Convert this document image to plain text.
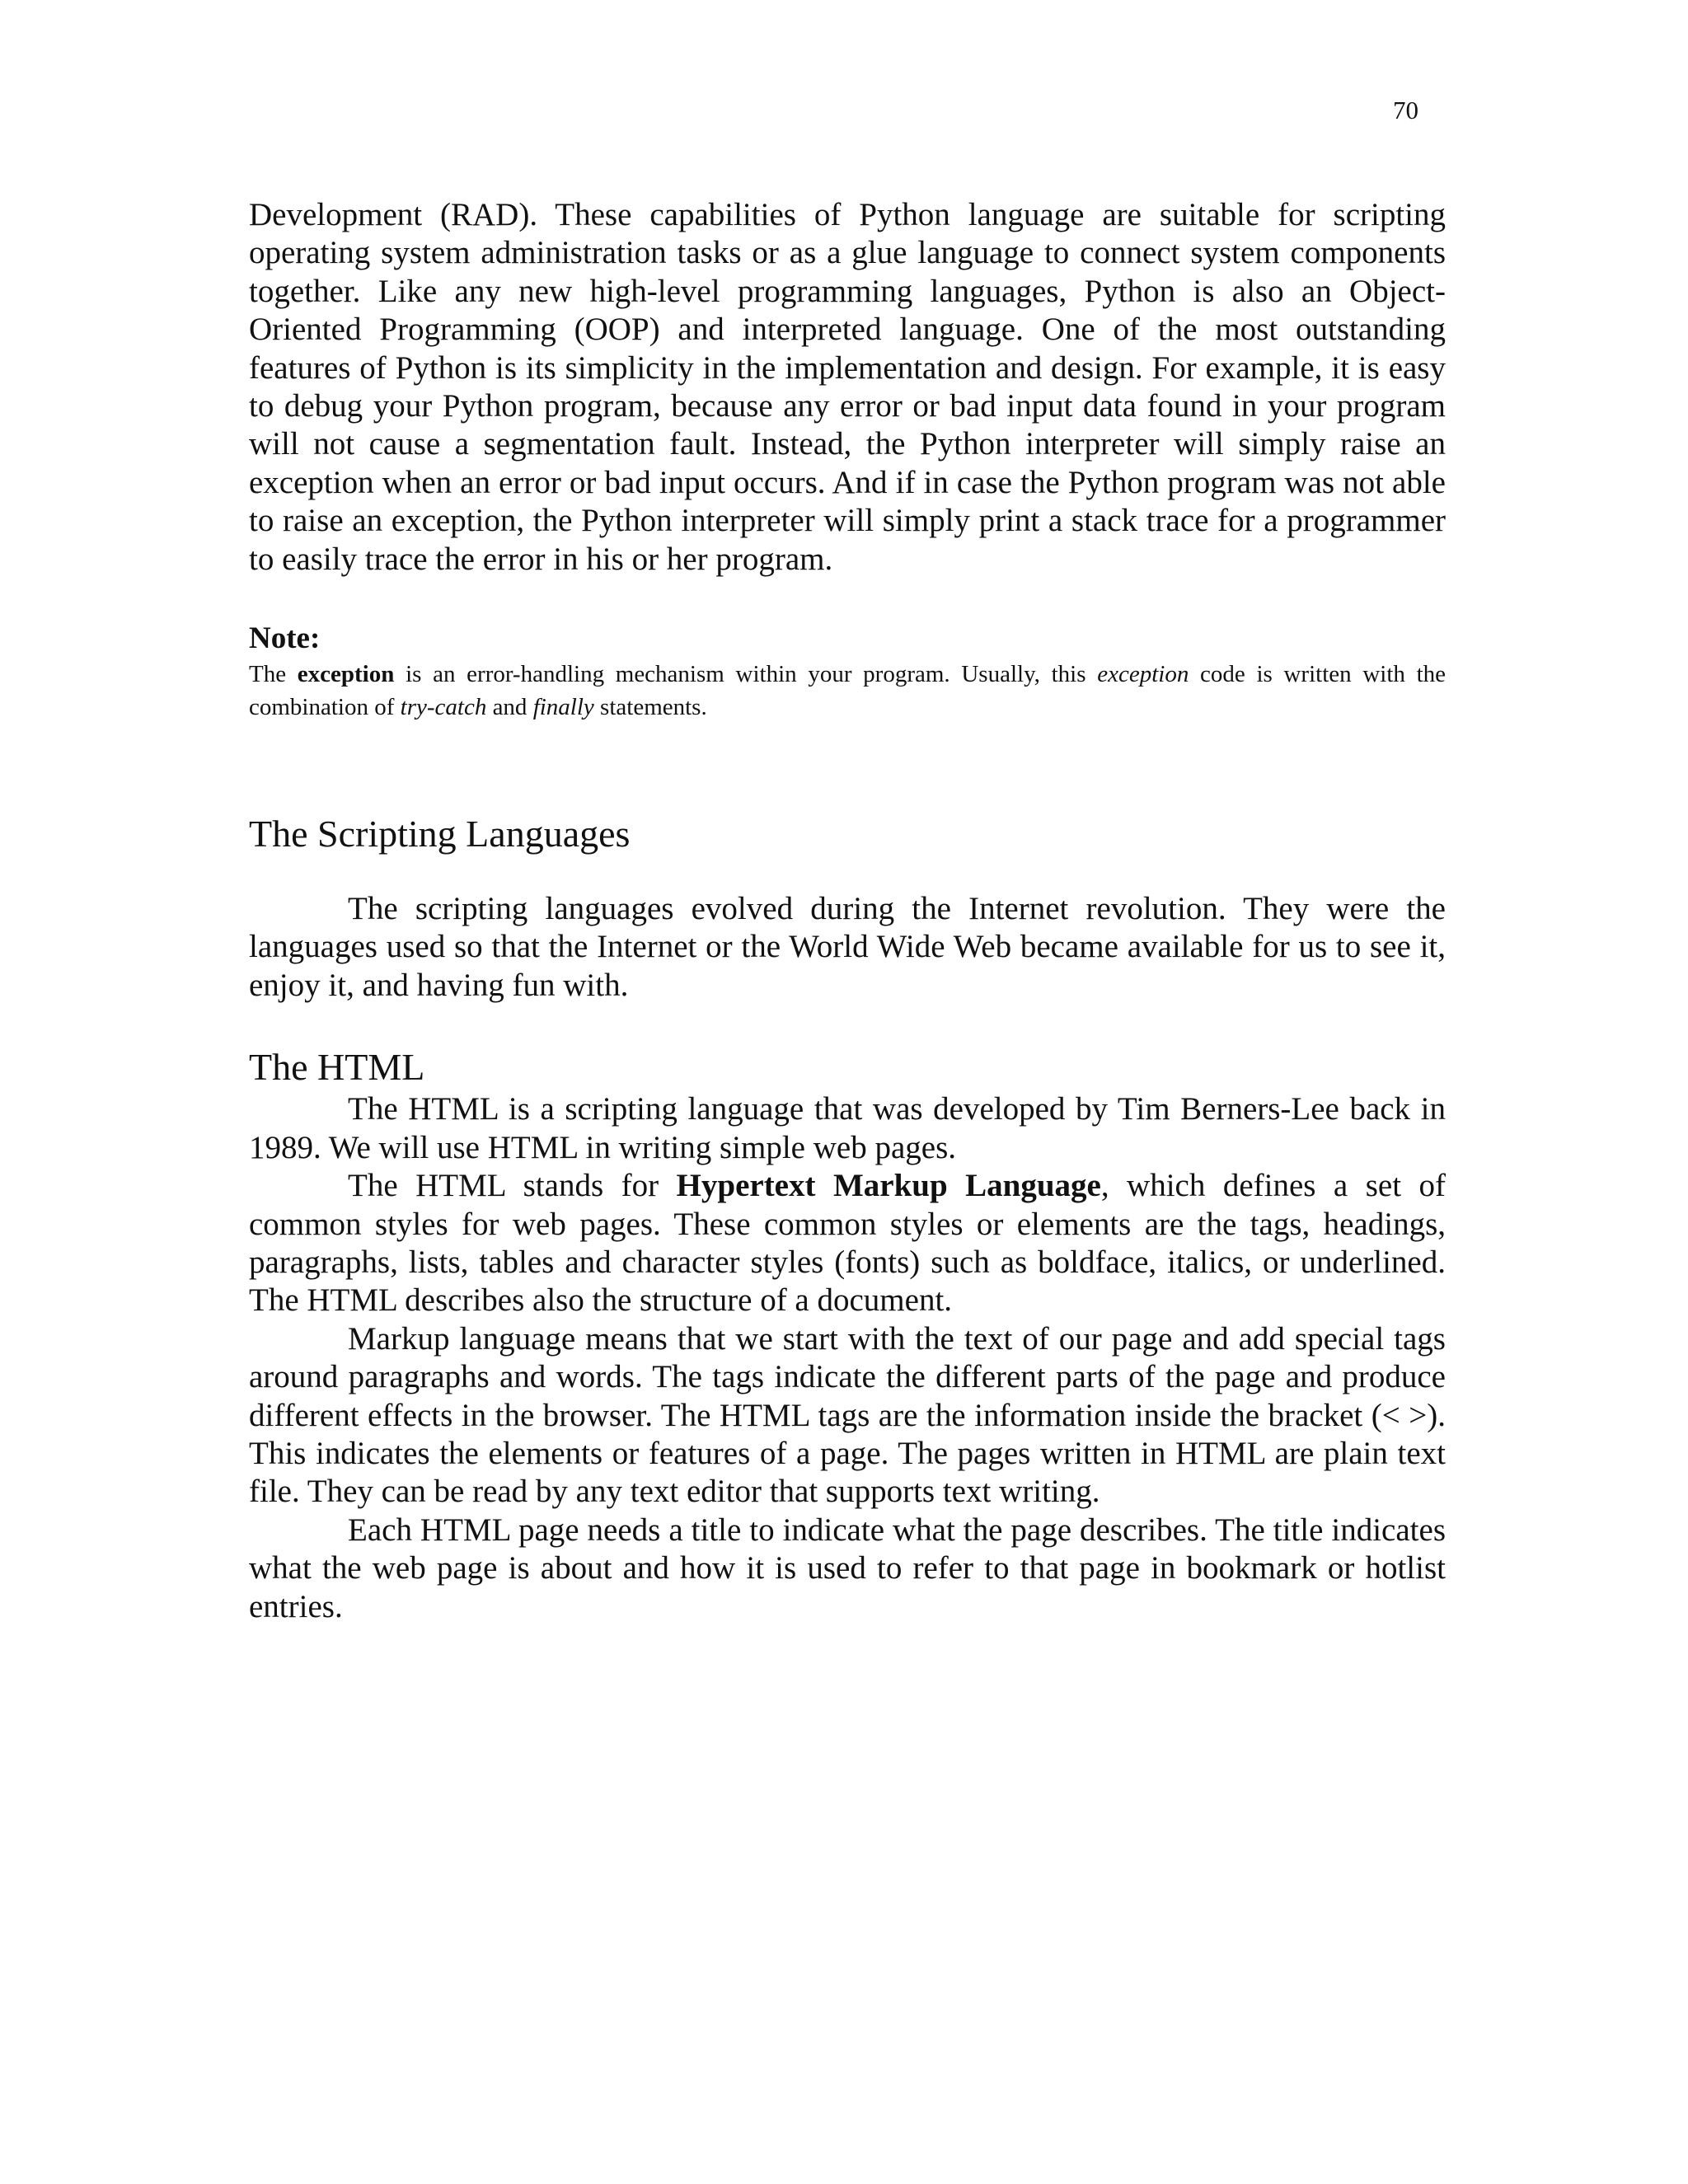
70

Development (RAD). These capabilities of Python language are suitable for scripting operating system administration tasks or as a glue language to connect system components together. Like any new high-level programming languages, Python is also an Object-Oriented Programming (OOP) and interpreted language. One of the most outstanding features of Python is its simplicity in the implementation and design. For example, it is easy to debug your Python program, because any error or bad input data found in your program will not cause a segmentation fault. Instead, the Python interpreter will simply raise an exception when an error or bad input occurs. And if in case the Python program was not able to raise an exception, the Python interpreter will simply print a stack trace for a programmer to easily trace the error in his or her program.

Note:

The exception is an error-handling mechanism within your program. Usually, this exception code is written with the combination of try-catch and finally statements.

The Scripting Languages

The scripting languages evolved during the Internet revolution. They were the languages used so that the Internet or the World Wide Web became available for us to see it, enjoy it, and having fun with.

The HTML

The HTML is a scripting language that was developed by Tim Berners-Lee back in 1989. We will use HTML in writing simple web pages.

The HTML stands for Hypertext Markup Language, which defines a set of common styles for web pages. These common styles or elements are the tags, headings, paragraphs, lists, tables and character styles (fonts) such as boldface, italics, or underlined. The HTML describes also the structure of a document.

Markup language means that we start with the text of our page and add special tags around paragraphs and words. The tags indicate the different parts of the page and produce different effects in the browser. The HTML tags are the information inside the bracket (< >). This indicates the elements or features of a page. The pages written in HTML are plain text file. They can be read by any text editor that supports text writing.

Each HTML page needs a title to indicate what the page describes. The title indicates what the web page is about and how it is used to refer to that page in bookmark or hotlist entries.
